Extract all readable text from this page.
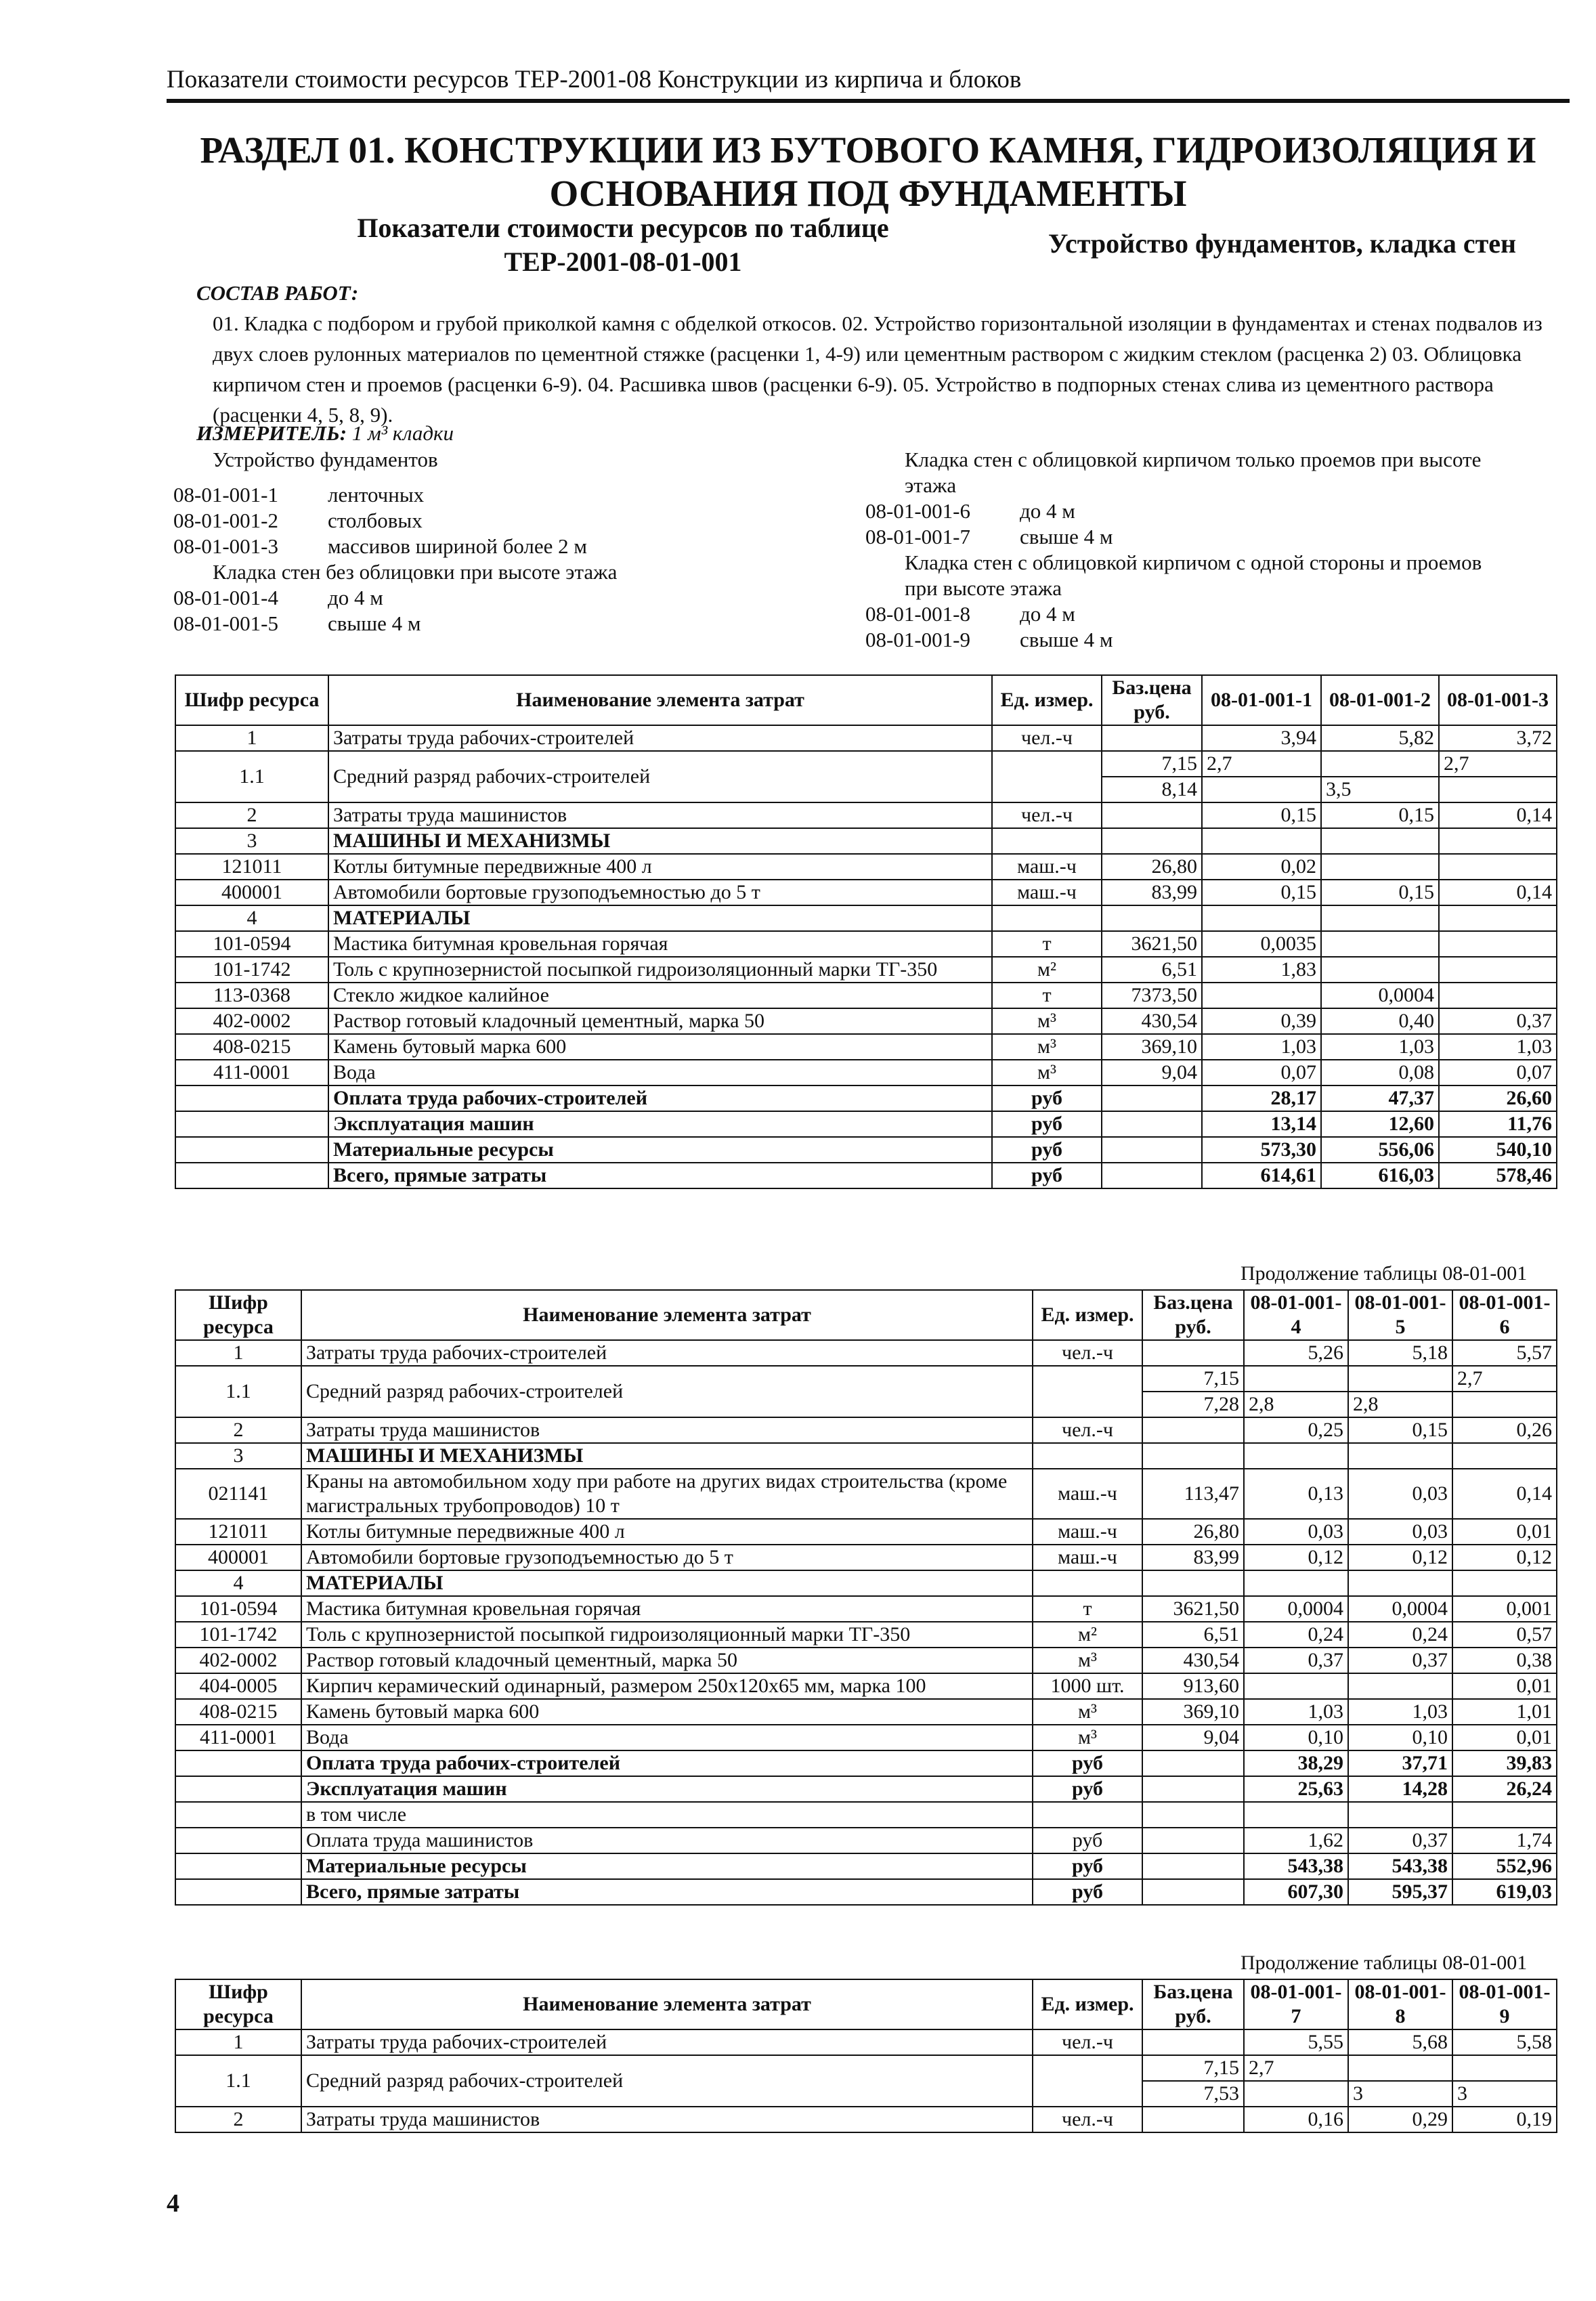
Показатели стоимости ресурсов ТЕР-2001-08 Конструкции из кирпича и блоков
РАЗДЕЛ 01. КОНСТРУКЦИИ ИЗ БУТОВОГО КАМНЯ, ГИДРОИЗОЛЯЦИЯ И ОСНОВАНИЯ ПОД ФУНДАМЕНТЫ
Показатели стоимости ресурсов по таблице
ТЕР-2001-08-01-001
Устройство фундаментов, кладка стен
СОСТАВ РАБОТ:
01. Кладка с подбором и грубой приколкой камня с обделкой откосов. 02. Устройство горизонтальной изоляции в фундаментах и стенах подвалов из двух слоев рулонных материалов по цементной стяжке (расценки 1, 4-9) или цементным раствором с жидким стеклом (расценка 2) 03. Облицовка кирпичом стен и проемов (расценки 6-9). 04. Расшивка швов (расценки 6-9). 05. Устройство в подпорных стенах слива из цементного раствора (расценки 4, 5, 8, 9).
ИЗМЕРИТЕЛЬ: 1 м³ кладки
Устройство фундаментов
08-01-001-1	ленточных
08-01-001-2	столбовых
08-01-001-3	массивов шириной более 2 м
Кладка стен без облицовки при высоте этажа
08-01-001-4	до 4 м
08-01-001-5	свыше 4 м
Кладка стен с облицовкой кирпичом только проемов при высоте этажа
08-01-001-6	до 4 м
08-01-001-7	свыше 4 м
Кладка стен с облицовкой кирпичом с одной стороны и проемов при высоте этажа
08-01-001-8	до 4 м
08-01-001-9	свыше 4 м
Шифр ресурса	Наименование элемента затрат	Ед. измер.	Баз.цена руб.	08-01-001-1	08-01-001-2	08-01-001-3
1	Затраты труда рабочих-строителей	чел.-ч		3,94	5,82	3,72
1.1	Средний разряд рабочих-строителей		7,15	2,7		2,7
			8,14		3,5	
2	Затраты труда машинистов	чел.-ч		0,15	0,15	0,14
3	МАШИНЫ И МЕХАНИЗМЫ					
121011	Котлы битумные передвижные 400 л	маш.-ч	26,80	0,02		
400001	Автомобили бортовые грузоподъемностью до 5 т	маш.-ч	83,99	0,15	0,15	0,14
4	МАТЕРИАЛЫ					
101-0594	Мастика битумная кровельная горячая	т	3621,50	0,0035		
101-1742	Толь с крупнозернистой посыпкой гидроизоляционный марки ТГ-350	м²	6,51	1,83		
113-0368	Стекло жидкое калийное	т	7373,50		0,0004	
402-0002	Раствор готовый кладочный цементный, марка 50	м³	430,54	0,39	0,40	0,37
408-0215	Камень бутовый марка 600	м³	369,10	1,03	1,03	1,03
411-0001	Вода	м³	9,04	0,07	0,08	0,07
	Оплата труда рабочих-строителей	руб		28,17	47,37	26,60
	Эксплуатация машин	руб		13,14	12,60	11,76
	Материальные ресурсы	руб		573,30	556,06	540,10
	Всего, прямые затраты	руб		614,61	616,03	578,46
Продолжение таблицы 08-01-001
Шифр ресурса	Наименование элемента затрат	Ед. измер.	Баз.цена руб.	08-01-001-4	08-01-001-5	08-01-001-6
1	Затраты труда рабочих-строителей	чел.-ч		5,26	5,18	5,57
1.1	Средний разряд рабочих-строителей		7,15			2,7
			7,28	2,8	2,8	
2	Затраты труда машинистов	чел.-ч		0,25	0,15	0,26
3	МАШИНЫ И МЕХАНИЗМЫ					
021141	Краны на автомобильном ходу при работе на других видах строительства (кроме магистральных трубопроводов) 10 т	маш.-ч	113,47	0,13	0,03	0,14
121011	Котлы битумные передвижные 400 л	маш.-ч	26,80	0,03	0,03	0,01
400001	Автомобили бортовые грузоподъемностью до 5 т	маш.-ч	83,99	0,12	0,12	0,12
4	МАТЕРИАЛЫ					
101-0594	Мастика битумная кровельная горячая	т	3621,50	0,0004	0,0004	0,001
101-1742	Толь с крупнозернистой посыпкой гидроизоляционный марки ТГ-350	м²	6,51	0,24	0,24	0,57
402-0002	Раствор готовый кладочный цементный, марка 50	м³	430,54	0,37	0,37	0,38
404-0005	Кирпич керамический одинарный, размером 250х120х65 мм, марка 100	1000 шт.	913,60			0,01
408-0215	Камень бутовый марка 600	м³	369,10	1,03	1,03	1,01
411-0001	Вода	м³	9,04	0,10	0,10	0,01
	Оплата труда рабочих-строителей	руб		38,29	37,71	39,83
	Эксплуатация машин	руб		25,63	14,28	26,24
	в том числе					
	Оплата труда машинистов	руб		1,62	0,37	1,74
	Материальные ресурсы	руб		543,38	543,38	552,96
	Всего, прямые затраты	руб		607,30	595,37	619,03
Продолжение таблицы 08-01-001
Шифр ресурса	Наименование элемента затрат	Ед. измер.	Баз.цена руб.	08-01-001-7	08-01-001-8	08-01-001-9
1	Затраты труда рабочих-строителей	чел.-ч		5,55	5,68	5,58
1.1	Средний разряд рабочих-строителей		7,15	2,7		
			7,53		3	3
2	Затраты труда машинистов	чел.-ч		0,16	0,29	0,19
4
